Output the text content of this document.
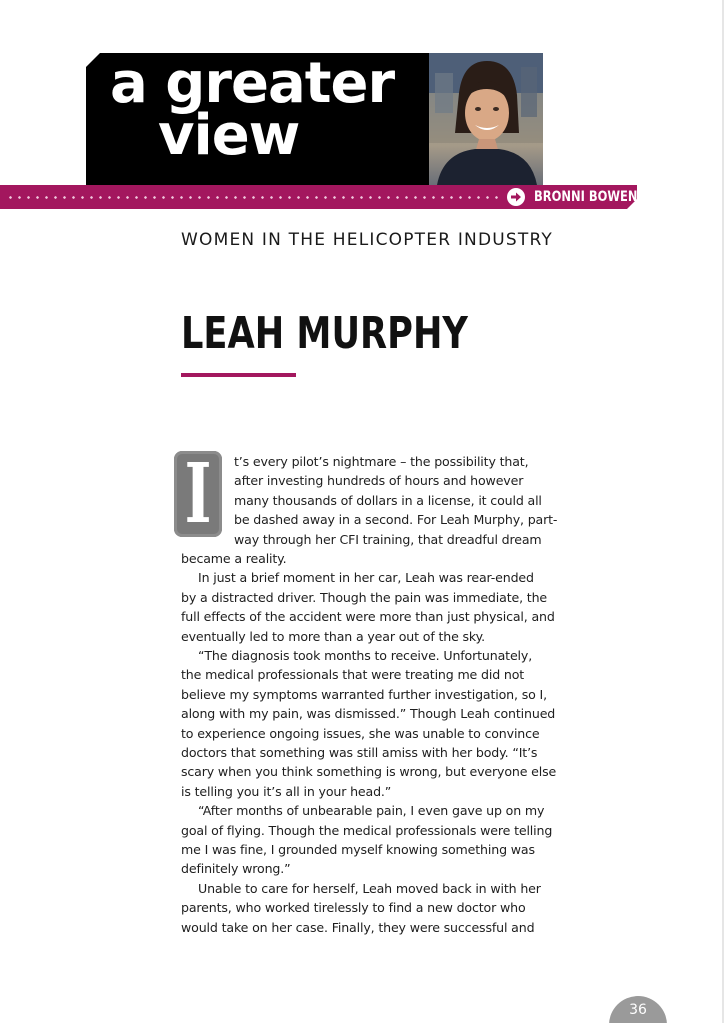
a greater
view
BRONNI BOWEN
WOMEN IN THE HELICOPTER INDUSTRY
LEAH MURPHY
I t’s every pilot’s nightmare – the possibility that,
after investing hundreds of hours and however
many thousands of dollars in a license, it could all
be dashed away in a second. For Leah Murphy, part-
way through her CFI training, that dreadful dream
became a reality.
In just a brief moment in her car, Leah was rear-ended
by a distracted driver. Though the pain was immediate, the
full effects of the accident were more than just physical, and
eventually led to more than a year out of the sky.
“The diagnosis took months to receive. Unfortunately,
the medical professionals that were treating me did not
believe my symptoms warranted further investigation, so I,
along with my pain, was dismissed.” Though Leah continued
to experience ongoing issues, she was unable to convince
doctors that something was still amiss with her body. “It’s
scary when you think something is wrong, but everyone else
is telling you it’s all in your head.”
“After months of unbearable pain, I even gave up on my
goal of flying. Though the medical professionals were telling
me I was fine, I grounded myself knowing something was
definitely wrong.”
Unable to care for herself, Leah moved back in with her
parents, who worked tirelessly to find a new doctor who
would take on her case. Finally, they were successful and
36
